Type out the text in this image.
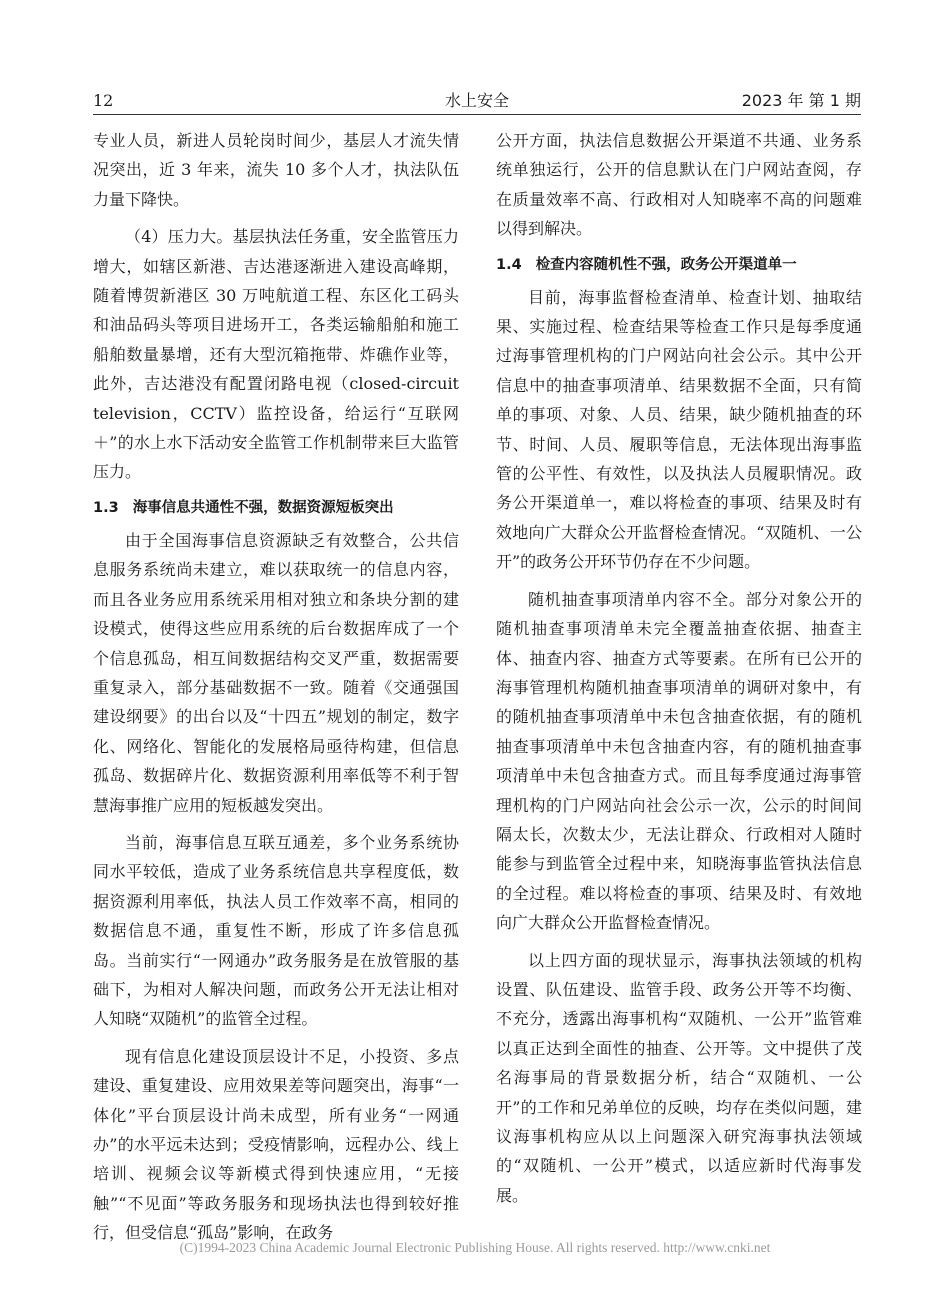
12	水上安全	2023 年 第 1 期

专业人员，新进人员轮岗时间少，基层人才流失情况突出，近 3 年来，流失 10 多个人才，执法队伍力量下降快。

（4）压力大。基层执法任务重，安全监管压力增大，如辖区新港、吉达港逐渐进入建设高峰期，随着博贺新港区 30 万吨航道工程、东区化工码头和油品码头等项目进场开工，各类运输船舶和施工船舶数量暴增，还有大型沉箱拖带、炸礁作业等，此外，吉达港没有配置闭路电视（closed-circuit television，CCTV）监控设备，给运行“互联网＋”的水上水下活动安全监管工作机制带来巨大监管压力。

1.3 海事信息共通性不强，数据资源短板突出

由于全国海事信息资源缺乏有效整合，公共信息服务系统尚未建立，难以获取统一的信息内容，而且各业务应用系统采用相对独立和条块分割的建设模式，使得这些应用系统的后台数据库成了一个个信息孤岛，相互间数据结构交叉严重，数据需要重复录入，部分基础数据不一致。随着《交通强国建设纲要》的出台以及“十四五”规划的制定，数字化、网络化、智能化的发展格局亟待构建，但信息孤岛、数据碎片化、数据资源利用率低等不利于智慧海事推广应用的短板越发突出。

当前，海事信息互联互通差，多个业务系统协同水平较低，造成了业务系统信息共享程度低，数据资源利用率低，执法人员工作效率不高，相同的数据信息不通，重复性不断，形成了许多信息孤岛。当前实行“一网通办”政务服务是在放管服的基础下，为相对人解决问题，而政务公开无法让相对人知晓“双随机”的监管全过程。

现有信息化建设顶层设计不足，小投资、多点建设、重复建设、应用效果差等问题突出，海事“一体化”平台顶层设计尚未成型，所有业务“一网通办”的水平远未达到；受疫情影响，远程办公、线上培训、视频会议等新模式得到快速应用，“无接触”“不见面”等政务服务和现场执法也得到较好推行，但受信息“孤岛”影响，在政务

公开方面，执法信息数据公开渠道不共通、业务系统单独运行，公开的信息默认在门户网站查阅，存在质量效率不高、行政相对人知晓率不高的问题难以得到解决。

1.4 检查内容随机性不强，政务公开渠道单一

目前，海事监督检查清单、检查计划、抽取结果、实施过程、检查结果等检查工作只是每季度通过海事管理机构的门户网站向社会公示。其中公开信息中的抽查事项清单、结果数据不全面，只有简单的事项、对象、人员、结果，缺少随机抽查的环节、时间、人员、履职等信息，无法体现出海事监管的公平性、有效性，以及执法人员履职情况。政务公开渠道单一，难以将检查的事项、结果及时有效地向广大群众公开监督检查情况。“双随机、一公开”的政务公开环节仍存在不少问题。

随机抽查事项清单内容不全。部分对象公开的随机抽查事项清单未完全覆盖抽查依据、抽查主体、抽查内容、抽查方式等要素。在所有已公开的海事管理机构随机抽查事项清单的调研对象中，有的随机抽查事项清单中未包含抽查依据，有的随机抽查事项清单中未包含抽查内容，有的随机抽查事项清单中未包含抽查方式。而且每季度通过海事管理机构的门户网站向社会公示一次，公示的时间间隔太长，次数太少，无法让群众、行政相对人随时能参与到监管全过程中来，知晓海事监管执法信息的全过程。难以将检查的事项、结果及时、有效地向广大群众公开监督检查情况。

以上四方面的现状显示，海事执法领域的机构设置、队伍建设、监管手段、政务公开等不均衡、不充分，透露出海事机构“双随机、一公开”监管难以真正达到全面性的抽查、公开等。文中提供了茂名海事局的背景数据分析，结合“双随机、一公开”的工作和兄弟单位的反映，均存在类似问题，建议海事机构应从以上问题深入研究海事执法领域的“双随机、一公开”模式，以适应新时代海事发展。

(C)1994-2023 China Academic Journal Electronic Publishing House. All rights reserved. http://www.cnki.net
